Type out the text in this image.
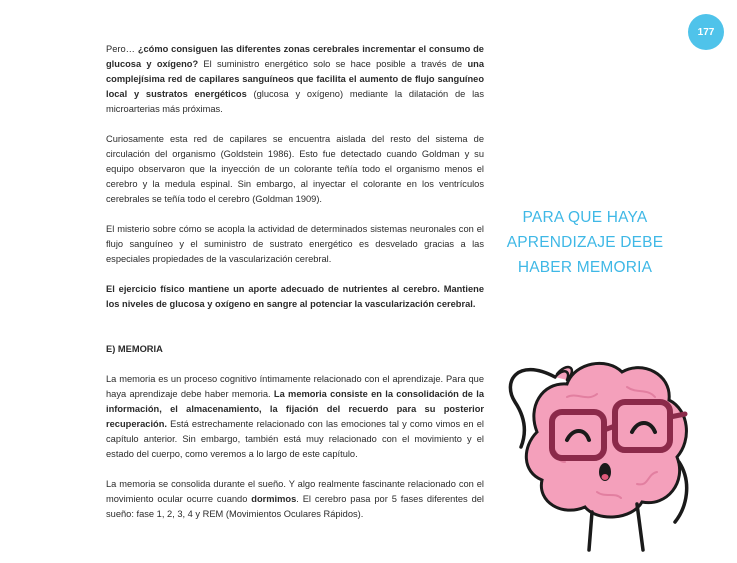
177

Pero… ¿cómo consiguen las diferentes zonas cerebrales incrementar el consumo de glucosa y oxígeno? El suministro energético solo se hace posible a través de una complejísima red de capilares sanguíneos que facilita el aumento de flujo sanguíneo local y sustratos energéticos (glucosa y oxígeno) mediante la dilatación de las microarterias más próximas.

Curiosamente esta red de capilares se encuentra aislada del resto del sistema de circulación del organismo (Goldstein 1986). Esto fue detectado cuando Goldman y su equipo observaron que la inyección de un colorante teñía todo el organismo menos el cerebro y la medula espinal. Sin embargo, al inyectar el colorante en los ventrículos cerebrales se teñía todo el cerebro (Goldman 1909).

El misterio sobre cómo se acopla la actividad de determinados sistemas neuronales con el flujo sanguíneo y el suministro de sustrato energético es desvelado gracias a las especiales propiedades de la vascularización cerebral.

El ejercicio físico mantiene un aporte adecuado de nutrientes al cerebro. Mantiene los niveles de glucosa y oxígeno en sangre al potenciar la vascularización cerebral.

E) MEMORIA

La memoria es un proceso cognitivo íntimamente relacionado con el aprendizaje. Para que haya aprendizaje debe haber memoria. La memoria consiste en la consolidación de la información, el almacenamiento, la fijación del recuerdo para su posterior recuperación. Está estrechamente relacionado con las emociones tal y como vimos en el capítulo anterior. Sin embargo, también está muy relacionado con el movimiento y el estado del cuerpo, como veremos a lo largo de este capítulo.

La memoria se consolida durante el sueño. Y algo realmente fascinante relacionado con el movimiento ocular ocurre cuando dormimos. El cerebro pasa por 5 fases diferentes del sueño: fase 1, 2, 3, 4 y REM (Movimientos Oculares Rápidos).

PARA QUE HAYA
APRENDIZAJE DEBE
HABER MEMORIA
